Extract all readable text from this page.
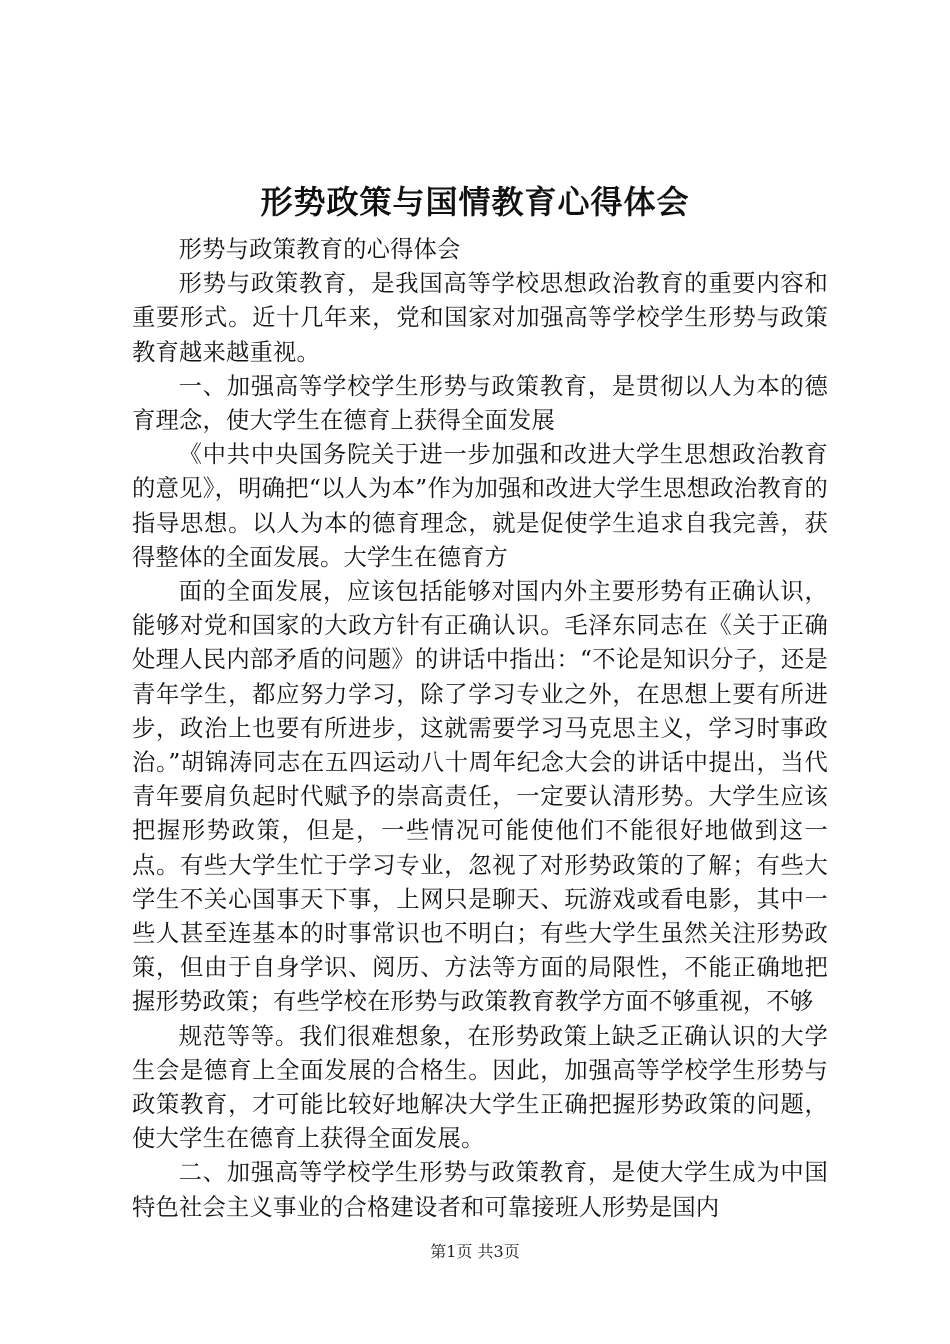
形势政策与国情教育心得体会

形势与政策教育的心得体会

形势与政策教育，是我国高等学校思想政治教育的重要内容和重要形式。近十几年来，党和国家对加强高等学校学生形势与政策教育越来越重视。

一、加强高等学校学生形势与政策教育，是贯彻以人为本的德育理念，使大学生在德育上获得全面发展

《中共中央国务院关于进一步加强和改进大学生思想政治教育的意见》，明确把“以人为本”作为加强和改进大学生思想政治教育的指导思想。以人为本的德育理念，就是促使学生追求自我完善，获得整体的全面发展。大学生在德育方

面的全面发展，应该包括能够对国内外主要形势有正确认识，能够对党和国家的大政方针有正确认识。毛泽东同志在《关于正确处理人民内部矛盾的问题》的讲话中指出：“不论是知识分子，还是青年学生，都应努力学习，除了学习专业之外，在思想上要有所进步，政治上也要有所进步，这就需要学习马克思主义，学习时事政治。”胡锦涛同志在五四运动八十周年纪念大会的讲话中提出，当代青年要肩负起时代赋予的崇高责任，一定要认清形势。大学生应该把握形势政策，但是，一些情况可能使他们不能很好地做到这一点。有些大学生忙于学习专业，忽视了对形势政策的了解；有些大学生不关心国事天下事，上网只是聊天、玩游戏或看电影，其中一些人甚至连基本的时事常识也不明白；有些大学生虽然关注形势政策，但由于自身学识、阅历、方法等方面的局限性，不能正确地把握形势政策；有些学校在形势与政策教育教学方面不够重视，不够

规范等等。我们很难想象，在形势政策上缺乏正确认识的大学生会是德育上全面发展的合格生。因此，加强高等学校学生形势与政策教育，才可能比较好地解决大学生正确把握形势政策的问题，使大学生在德育上获得全面发展。

二、加强高等学校学生形势与政策教育，是使大学生成为中国特色社会主义事业的合格建设者和可靠接班人形势是国内

第1页 共3页
